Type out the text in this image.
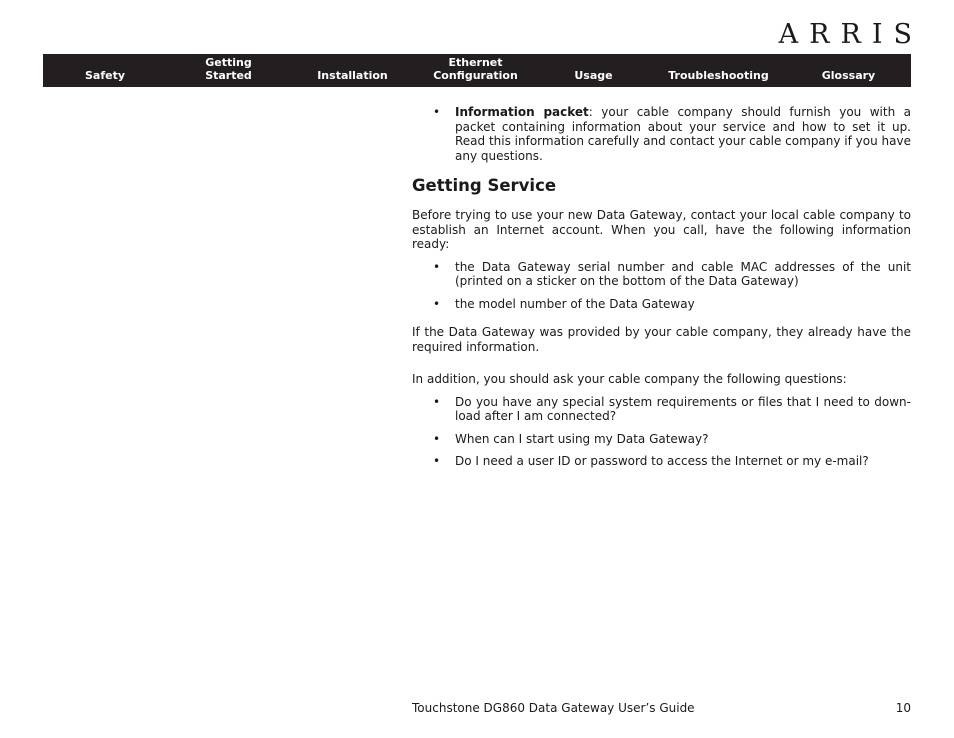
ARRIS
Safety
Getting
Started	Installation
Ethernet
Configuration	Usage	Troubleshooting	Glossary
• Information packet: your cable company should furnish you with a packet containing information about your service and how to set it up. Read this information carefully and contact your cable company if you have any questions.
Getting Service

Before trying to use your new Data Gateway, contact your local cable company to establish an Internet account. When you call, have the following information ready:

• the Data Gateway serial number and cable MAC addresses of the unit (printed on a sticker on the bottom of the Data Gateway)
• the model number of the Data Gateway

If the Data Gateway was provided by your cable company, they already have the required information.

In addition, you should ask your cable company the following questions:

• Do you have any special system requirements or files that I need to download after I am connected?
• When can I start using my Data Gateway?
• Do I need a user ID or password to access the Internet or my e-mail?
Touchstone DG860 Data Gateway User’s Guide	10
